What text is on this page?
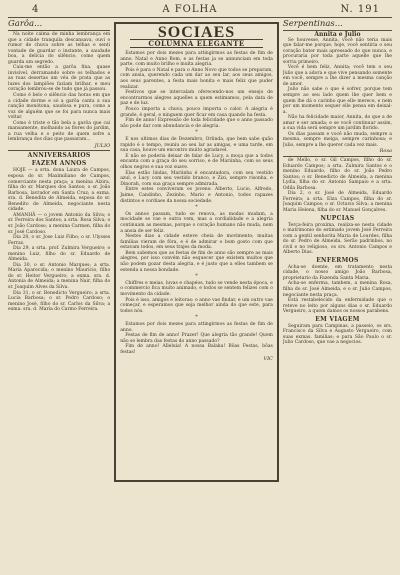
4	A FOLHA	N. 191
Garôa...

Na noite calma de minha lembrança em que a cidade tranquila descansava, ouvi o rumor de chuva sobre as telhas e senti vontade de guardar o instante, a saudade boa, a delícia do silêncio, como quem guarda um segredo.

Caiu-me então a garôa fina, quase invisível, derramando sobre os telhados e as ruas desertas um véu de prata que as luzes dos lampiões faziam brilhar, e meu coração lembrou-se de tudo que já passou.

Como é belo o silêncio das horas em que a cidade dorme e só a garôa canta a sua canção monótona, saudosa e pura, como a voz de alguém que se foi para nunca mais voltar.

Como é triste e tão bela a garôa que cai mansamente, molhando as flores do jardim, a rua velha e o peito de quem sofre a lembrança dos dias que passaram...

JULIO
ANNIVERSARIOS
FAZEM ANNOS

HOJE — a srta. dona Laura de Campos, esposa do sr. Maximiliano de Campos, comerciante nesta praça; a menina Alzira, filha do sr. Marques dos Santos; o sr. João Barbosa, lavrador em Santa Cruz; a exma. sra. d. Benedita de Almeida, esposa do sr. Benedito de Almeida, negociante nesta cidade.

AMANHÃ — o jovem Antonio da Silva; o sr. Ferreira dos Santos; a srta. Rosa Silva; o sr. João Cardoso; a menina Carmen, filha do sr. José Cardoso.

Dia 28, o sr. Jose Luiz Filho; o sr. Ulysses Ferraz.

Dia 29, a srta. prof. Zulmira Vergueiro; o menino Luiz, filho do sr. Eduardo de Almeida.

Dia 30, o sr. Antonio Marques; a srta. Maria Aparecida; o menino Mauricio, filho do sr. Heitor Vergueiro; a exma. sra. d. Antonia de Almeida; a menina Nair, filha do sr. Joaquim Alves da Silva.

Dia 31, o sr. Benedicto Vergueiro; a srta. Lucia Barbosa; o sr. Pedro Cardoso; o menino José, filho do sr. Carlos da Silva; a exma. sra. d. Maria do Carmo Ferreira.

SOCIAES
COLUMNA ELEGANTE

Estamos por dois mezes para attingirmos as festas de fim de anno. Natal e Anno Bom, e as festas ja se annunciam em toda parte, com muito brilho e muita alegria.

Pois é para o Natal e para o Anno Novo que todos se preparam, com ansia, querendo cada um dar ao seu lar, aos seus amigos, aos seus parentes, a festa mais bonita e mais feliz que puder realizar.

Festivos que se intercalam oferecendo-nos um ensejo de encontrarmos alegres aquelles a quem estimamos, pela data de paz e de luz.

Pouco importa a chuva, pouco importa o calor. A alegria é grande, é geral, e ninguem quer ficar em casa quando ha festa.

Fim de anno! Expressão de toda felicidade que o anno passado não pode dar com abundancia e de alegria.

*

E nos ultimos dias de Dezembro, Orlinda, que bem sabe quão rapido é o tempo, reuniu ao seu lar as amigas, e uma tarde, em sua casa, houve um encontro muito agradavel.

E não se poderia deixar de falar de Lucy, a moça que a todos encanta com a graça do seu sorriso, e de Mariinha, com os seus olhos negros e sua voz suave.

Elas estão lindas, Mariinha é encantadora, com seu vestido azul, e Lucy com seu vestido branco, e Zizi, sempre risonha, e Dinorah, com sua graça sempre admirada.

Entre estes conviveram os jovens: Alberto, Lucio, Alfredo, Jaime, Candinho, Zezinho, Mario e Antonio, todos rapazes distintos e cordiaes da nossa sociedade.

*

Os annos passam, tudo se renova, as modas mudam, a mocidade se vae e outra vem, mas a cordialidade e a alegria continuam as mesmas, porque o coração humano não muda, nem a ansia de ser feliz.

Nestes dias a cidade esteve cheia de movimento; muitas familias vieram de fóra, e é de admirar o bom gosto com que estavam todos, em seus trajes da moda.

Bem sabemos que as festas de fim de anno são sempre as mais alegres, por isso convém não esquecer que existem muitos que não podem gozar desta alegria, e é justo que a elles tambem se estenda a nossa bondade.

*

Chiffres e meias, luvas e chapéos, tudo se vende nesta época, e o commercio fica muito animado, e todos se sentem felizes com o movimento da cidade.

Pois é isso, amigos e leitoras: o anno vae findar, e um outro vae começar, e esperamos que seja melhor ainda do que este, para todos nós.

*

Estamos por dois mezes para attingirmos as festas de fim de anno.

Festas de fim de anno! Prazer! Que alegria tão grande! Quem não se lembra das festas do anno passado?

Fim de anno! Alleluia! A nossa Balaka! Bôas Festas, bôas festas!

VIC
Serpentinas...
Annita e Julio

Se houvesse, Annita, você não teria mais que falar-me porque, hoje, você sentiria o seu coração bater mais apressado do que nunca, e procuraria por toda parte aquelle que lhe sorriu primeiro.

Você é bem feliz, Annita; você tem o seu Julio que a adora e que vive pensando somente em você, sempre a lhe dizer a mesma canção de amor.

Julio não sabe o que é sofrer, porque tem sempre ao seu lado quem lhe quer bem e quem lhe dá o carinho que elle merece, e nem por um momento sequer elle pensa em deixal-a.

Não ha felicidade maior, Annita, do que a de amar e ser amada; e se você continuar assim, a sua vida será sempre um jardim florido.

Os dias passam e você não muda, sempre a mesma, sempre meiga, sempre carinhosa; e Julio, sempre a lhe querer cada vez mais.

Rosa

de Mello, o sr. Gil Campos, filho do sr. Eduardo Campos; a srta. Zulmira Santos e o menino Eduardo, filho do sr. João Pedro Santos; o sr. Benedicto de Almeida, a menina Lydia, filha do sr. Antonio Sampaio e a srta. Odila Barbosa.

Dia 2, o sr. José de Almeida, Eduardo Ferreira; a srta. Elza Campos, filha do sr. Joaquim Campos; o sr. Octavio Silva; a menina Maria Helena, filha do sr. Manuel Gonçalves.

NUPCIAS

Terça-feira proxima, realiza-se nesta cidade o matrimonio do estimado jovem José Ferreira com a gentil senhorita Maria de Lourdes, filha do sr. Pedro de Almeida. Serão padrinhos, no civil e no religioso, os srs. Antonio Campos e Alberto Dias.

ENFERMOS

Acha-se doente, em tratamento nesta cidade, o nosso amigo João Barbosa, proprietario da Fazenda Santa Maria.

Acha-se enferma, tambem, a menina Rosa, filha do sr. José Almeida, e o sr. Julio Campos, negociante nesta praça.

Está restabelecido da enfermidade que o reteve no leito por alguns dias o sr. Eduardo Vergueiro, a quem damos os nossos parabens.

EM VIAGEM

Seguiram para Campinas, a passeio, os srs. Francisco da Silva e Augusto Vergueiro, com suas exmas. familias; e para São Paulo o sr. Julio Cardoso, que vae a negocios.
